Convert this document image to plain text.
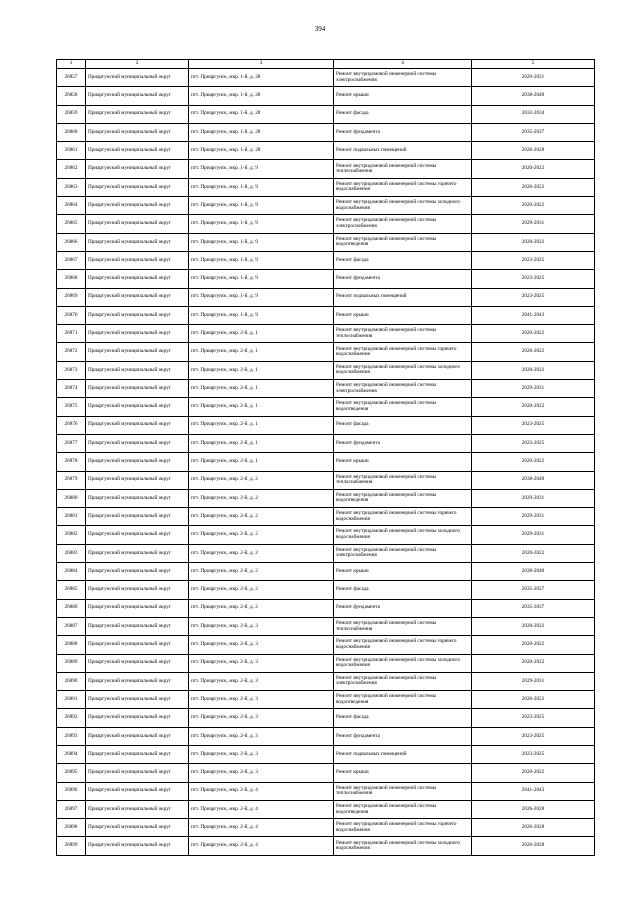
394
1	2	3	4	5
26857	Приаргунский муниципальный округ	пгт. Приаргунск, мкр. 1-й, д. 28	Ремонт внутридомовой инженерной системы электроснабжения	2029-2031
26858	Приаргунский муниципальный округ	пгт. Приаргунск, мкр. 1-й, д. 28	Ремонт крыши	2038-2040
26859	Приаргунский муниципальный округ	пгт. Приаргунск, мкр. 1-й, д. 28	Ремонт фасада	2032-2034
26860	Приаргунский муниципальный округ	пгт. Приаргунск, мкр. 1-й, д. 28	Ремонт фундамента	2035-2037
26861	Приаргунский муниципальный округ	пгт. Приаргунск, мкр. 1-й, д. 28	Ремонт подвальных помещений	2026-2028
26862	Приаргунский муниципальный округ	пгт. Приаргунск, мкр. 1-й, д. 9	Ремонт внутридомовой инженерной системы теплоснабжения	2020-2022
26863	Приаргунский муниципальный округ	пгт. Приаргунск, мкр. 1-й, д. 9	Ремонт внутридомовой инженерной системы горячего водоснабжения	2020-2022
26864	Приаргунский муниципальный округ	пгт. Приаргунск, мкр. 1-й, д. 9	Ремонт внутридомовой инженерной системы холодного водоснабжения	2020-2022
26865	Приаргунский муниципальный округ	пгт. Приаргунск, мкр. 1-й, д. 9	Ремонт внутридомовой инженерной системы электроснабжения	2029-2031
26866	Приаргунский муниципальный округ	пгт. Приаргунск, мкр. 1-й, д. 9	Ремонт внутридомовой инженерной системы водоотведения	2020-2022
26867	Приаргунский муниципальный округ	пгт. Приаргунск, мкр. 1-й, д. 9	Ремонт фасада	2023-2025
26868	Приаргунский муниципальный округ	пгт. Приаргунск, мкр. 1-й, д. 9	Ремонт фундамента	2023-2025
26869	Приаргунский муниципальный округ	пгт. Приаргунск, мкр. 1-й, д. 9	Ремонт подвальных помещений	2023-2025
26870	Приаргунский муниципальный округ	пгт. Приаргунск, мкр. 1-й, д. 9	Ремонт крыши	2041-2043
26871	Приаргунский муниципальный округ	пгт. Приаргунск, мкр. 2-й, д. 1	Ремонт внутридомовой инженерной системы теплоснабжения	2020-2022
26872	Приаргунский муниципальный округ	пгт. Приаргунск, мкр. 2-й, д. 1	Ремонт внутридомовой инженерной системы горячего водоснабжения	2020-2022
26873	Приаргунский муниципальный округ	пгт. Приаргунск, мкр. 2-й, д. 1	Ремонт внутридомовой инженерной системы холодного водоснабжения	2020-2022
26874	Приаргунский муниципальный округ	пгт. Приаргунск, мкр. 2-й, д. 1	Ремонт внутридомовой инженерной системы электроснабжения	2029-2031
26875	Приаргунский муниципальный округ	пгт. Приаргунск, мкр. 2-й, д. 1	Ремонт внутридомовой инженерной системы водоотведения	2020-2022
26876	Приаргунский муниципальный округ	пгт. Приаргунск, мкр. 2-й, д. 1	Ремонт фасада	2023-2025
26877	Приаргунский муниципальный округ	пгт. Приаргунск, мкр. 2-й, д. 1	Ремонт фундамента	2023-2025
26878	Приаргунский муниципальный округ	пгт. Приаргунск, мкр. 2-й, д. 1	Ремонт крыши	2020-2022
26879	Приаргунский муниципальный округ	пгт. Приаргунск, мкр. 2-й, д. 2	Ремонт внутридомовой инженерной системы теплоснабжения	2038-2040
26880	Приаргунский муниципальный округ	пгт. Приаргунск, мкр. 2-й, д. 2	Ремонт внутридомовой инженерной системы водоотведения	2029-2031
26881	Приаргунский муниципальный округ	пгт. Приаргунск, мкр. 2-й, д. 2	Ремонт внутридомовой инженерной системы горячего водоснабжения	2029-2031
26882	Приаргунский муниципальный округ	пгт. Приаргунск, мкр. 2-й, д. 2	Ремонт внутридомовой инженерной системы холодного водоснабжения	2029-2031
26883	Приаргунский муниципальный округ	пгт. Приаргунск, мкр. 2-й, д. 2	Ремонт внутридомовой инженерной системы электроснабжения	2020-2022
26884	Приаргунский муниципальный округ	пгт. Приаргунск, мкр. 2-й, д. 2	Ремонт крыши	2038-2040
26885	Приаргунский муниципальный округ	пгт. Приаргунск, мкр. 2-й, д. 2	Ремонт фасада	2035-2037
26886	Приаргунский муниципальный округ	пгт. Приаргунск, мкр. 2-й, д. 2	Ремонт фундамента	2035-2037
26887	Приаргунский муниципальный округ	пгт. Приаргунск, мкр. 2-й, д. 3	Ремонт внутридомовой инженерной системы теплоснабжения	2020-2022
26888	Приаргунский муниципальный округ	пгт. Приаргунск, мкр. 2-й, д. 3	Ремонт внутридомовой инженерной системы горячего водоснабжения	2020-2022
26889	Приаргунский муниципальный округ	пгт. Приаргунск, мкр. 2-й, д. 3	Ремонт внутридомовой инженерной системы холодного водоснабжения	2020-2022
26890	Приаргунский муниципальный округ	пгт. Приаргунск, мкр. 2-й, д. 3	Ремонт внутридомовой инженерной системы электроснабжения	2029-2031
26891	Приаргунский муниципальный округ	пгт. Приаргунск, мкр. 2-й, д. 3	Ремонт внутридомовой инженерной системы водоотведения	2020-2022
26892	Приаргунский муниципальный округ	пгт. Приаргунск, мкр. 2-й, д. 3	Ремонт фасада	2023-2025
26893	Приаргунский муниципальный округ	пгт. Приаргунск, мкр. 2-й, д. 3	Ремонт фундамента	2023-2025
26894	Приаргунский муниципальный округ	пгт. Приаргунск, мкр. 2-й, д. 3	Ремонт подвальных помещений	2023-2025
26895	Приаргунский муниципальный округ	пгт. Приаргунск, мкр. 2-й, д. 3	Ремонт крыши	2020-2022
26896	Приаргунский муниципальный округ	пгт. Приаргунск, мкр. 2-й, д. 4	Ремонт внутридомовой инженерной системы теплоснабжения	2041-2043
26897	Приаргунский муниципальный округ	пгт. Приаргунск, мкр. 2-й, д. 4	Ремонт внутридомовой инженерной системы водоотведения	2026-2028
26898	Приаргунский муниципальный округ	пгт. Приаргунск, мкр. 2-й, д. 4	Ремонт внутридомовой инженерной системы горячего водоснабжения	2026-2028
26899	Приаргунский муниципальный округ	пгт. Приаргунск, мкр. 2-й, д. 4	Ремонт внутридомовой инженерной системы холодного водоснабжения	2026-2028
